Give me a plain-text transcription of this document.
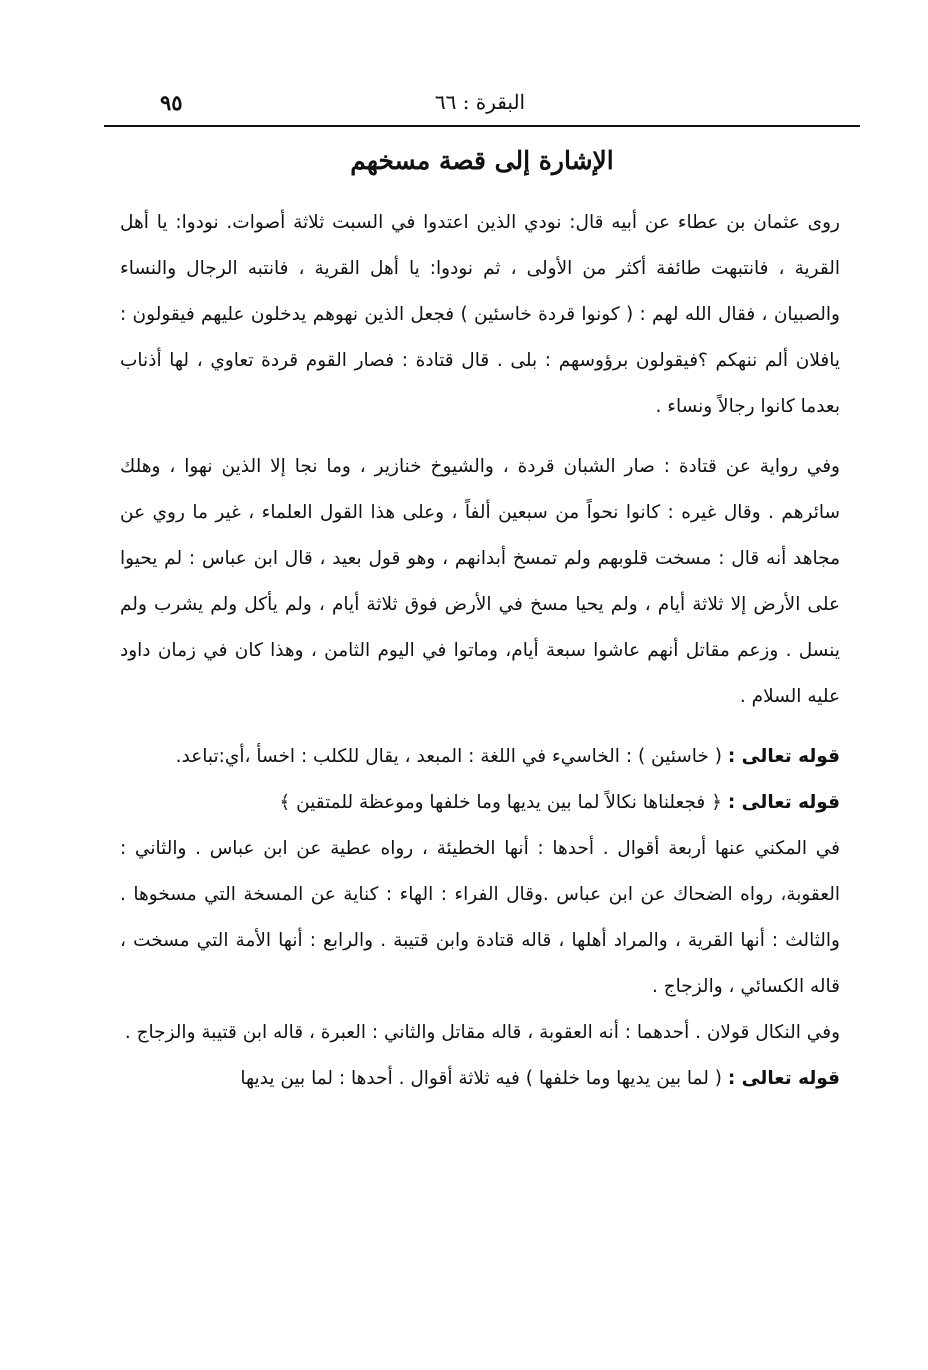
٩٥	البقرة : ٦٦
الإشارة إلى قصة مسخهم

روى عثمان بن عطاء عن أبيه قال: نودي الذين اعتدوا في السبت ثلاثة أصوات. نودوا: يا أهل القرية ، فانتبهت طائفة أكثر من الأولى ، ثم نودوا: يا أهل القرية ، فانتبه الرجال والنساء والصبيان ، فقال الله لهم : ( كونوا قردة خاسئين ) فجعل الذين نهوهم يدخلون عليهم فيقولون : يافلان ألم ننهكم ؟فيقولون برؤوسهم : بلى . قال قتادة : فصار القوم قردة تعاوي ، لها أذناب بعدما كانوا رجالاً ونساء .

وفي رواية عن قتادة : صار الشبان قردة ، والشيوخ خنازير ، وما نجا إلا الذين نهوا ، وهلك سائرهم . وقال غيره : كانوا نحواً من سبعين ألفاً ، وعلى هذا القول العلماء ، غير ما روي عن مجاهد أنه قال : مسخت قلوبهم ولم تمسخ أبدانهم ، وهو قول بعيد ، قال ابن عباس : لم يحيوا على الأرض إلا ثلاثة أيام ، ولم يحيا مسخ في الأرض فوق ثلاثة أيام ، ولم يأكل ولم يشرب ولم ينسل . وزعم مقاتل أنهم عاشوا سبعة أيام، وماتوا في اليوم الثامن ، وهذا كان في زمان داود عليه السلام .

قوله تعالى : ( خاسئين ) : الخاسيء في اللغة : المبعد ، يقال للكلب : اخسأ ،أي:تباعد.

قوله تعالى : ﴿ فجعلناها نكالاً لما بين يديها وما خلفها وموعظة للمتقين ﴾

في المكني عنها أربعة أقوال . أحدها : أنها الخطيئة ، رواه عطية عن ابن عباس . والثاني : العقوبة، رواه الضحاك عن ابن عباس .وقال الفراء : الهاء : كناية عن المسخة التي مسخوها . والثالث : أنها القرية ، والمراد أهلها ، قاله قتادة وابن قتيبة . والرابع : أنها الأمة التي مسخت ، قاله الكسائي ، والزجاج .

وفي النكال قولان . أحدهما : أنه العقوبة ، قاله مقاتل والثاني : العبرة ، قاله ابن قتيبة والزجاج .

قوله تعالى : ( لما بين يديها وما خلفها ) فيه ثلاثة أقوال . أحدها : لما بين يديها
